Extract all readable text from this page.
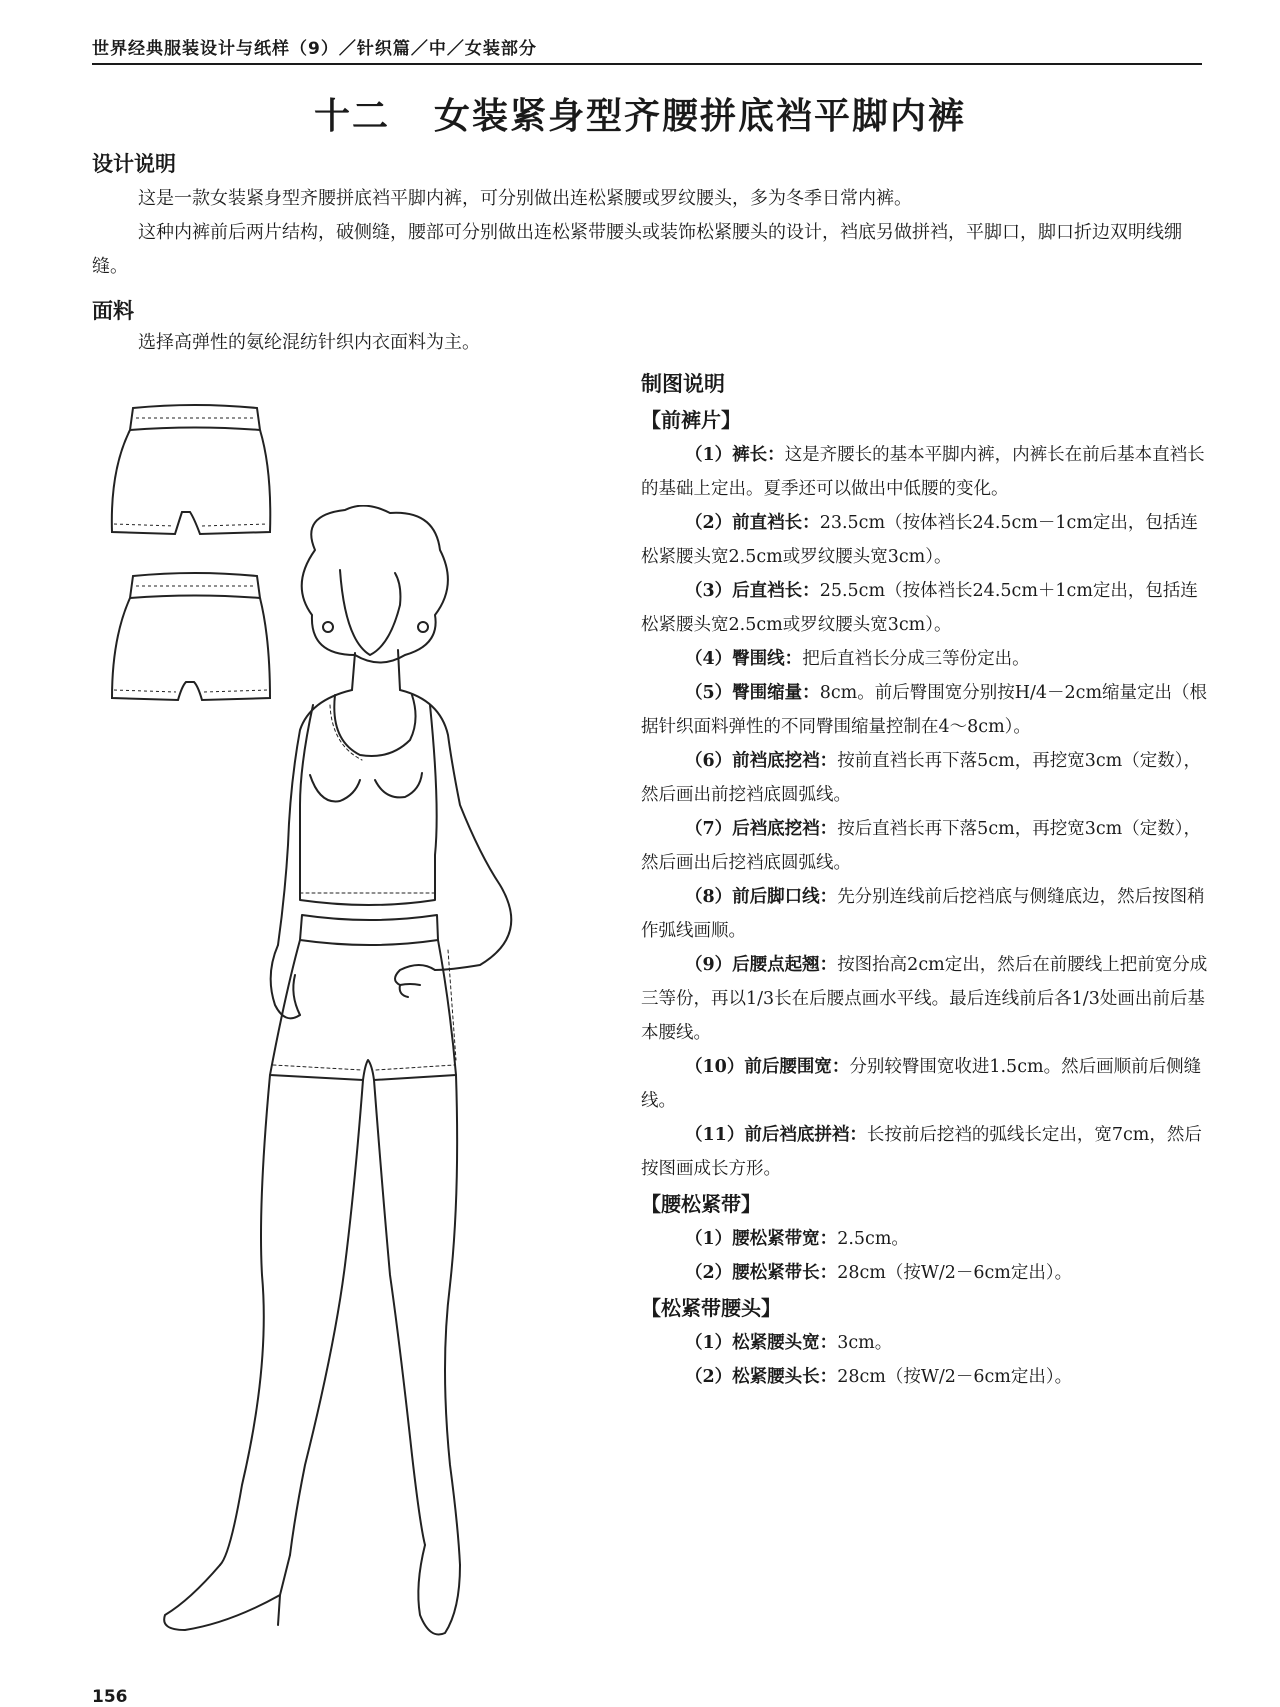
世界经典服装设计与纸样（9）／针织篇／中／女装部分
十二 女装紧身型齐腰拼底裆平脚内裤
设计说明

这是一款女装紧身型齐腰拼底裆平脚内裤，可分别做出连松紧腰或罗纹腰头，多为冬季日常内裤。

这种内裤前后两片结构，破侧缝，腰部可分别做出连松紧带腰头或装饰松紧腰头的设计，裆底另做拼裆，平脚口，脚口折边双明线绷缝。

面料

选择高弹性的氨纶混纺针织内衣面料为主。

制图说明
【前裤片】

（1）裤长：这是齐腰长的基本平脚内裤，内裤长在前后基本直裆长的基础上定出。夏季还可以做出中低腰的变化。

（2）前直裆长：23.5cm（按体裆长24.5cm－1cm定出，包括连松紧腰头宽2.5cm或罗纹腰头宽3cm）。

（3）后直裆长：25.5cm（按体裆长24.5cm＋1cm定出，包括连松紧腰头宽2.5cm或罗纹腰头宽3cm）。

（4）臀围线：把后直裆长分成三等份定出。

（5）臀围缩量：8cm。前后臀围宽分别按H/4－2cm缩量定出（根据针织面料弹性的不同臀围缩量控制在4～8cm）。

（6）前裆底挖裆：按前直裆长再下落5cm，再挖宽3cm（定数），然后画出前挖裆底圆弧线。

（7）后裆底挖裆：按后直裆长再下落5cm，再挖宽3cm（定数），然后画出后挖裆底圆弧线。

（8）前后脚口线：先分别连线前后挖裆底与侧缝底边，然后按图稍作弧线画顺。

（9）后腰点起翘：按图抬高2cm定出，然后在前腰线上把前宽分成三等份，再以1/3长在后腰点画水平线。最后连线前后各1/3处画出前后基本腰线。

（10）前后腰围宽：分别较臀围宽收进1.5cm。然后画顺前后侧缝线。

（11）前后裆底拼裆：长按前后挖裆的弧线长定出，宽7cm，然后按图画成长方形。

【腰松紧带】

（1）腰松紧带宽：2.5cm。

（2）腰松紧带长：28cm（按W/2－6cm定出）。

【松紧带腰头】

（1）松紧腰头宽：3cm。

（2）松紧腰头长：28cm（按W/2－6cm定出）。

156
